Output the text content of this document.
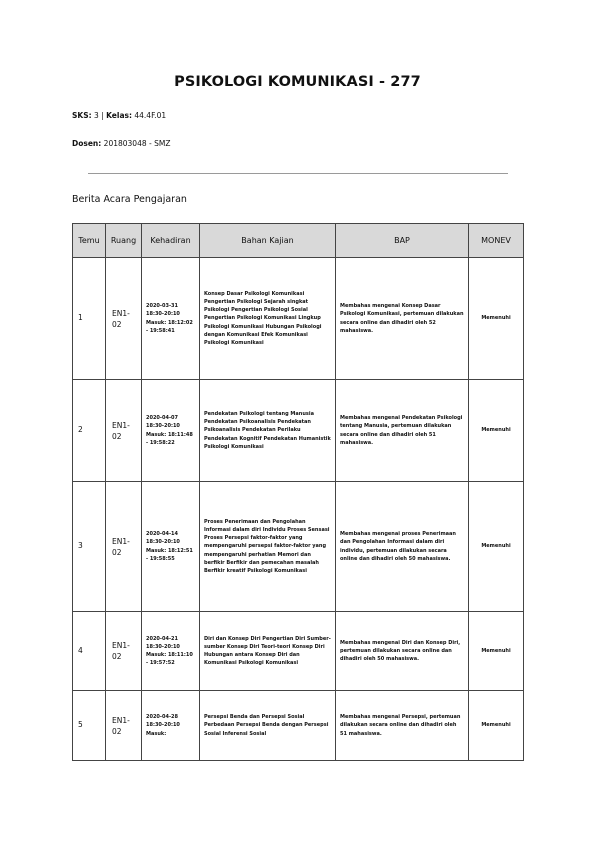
PSIKOLOGI KOMUNIKASI - 277
SKS: 3 | Kelas: 44.4F.01
Dosen: 201803048 - SMZ
Berita Acara Pengajaran
Temu	Ruang	Kehadiran	Bahan Kajian	BAP	MONEV
1	EN1-02	2020-03-31 18:30-20:10 Masuk: 18:12:02 - 19:58:41	Konsep Dasar Psikologi Komunikasi Pengertian Psikologi Sejarah singkat Psikologi Pengertian Psikologi Sosial Pengertian Psikologi Komunikasi Lingkup Psikologi Komunikasi Hubungan Psikologi dengan Komunikasi Efek Komunikasi Psikologi Komunikasi	Membahas mengenai Konsep Dasar Psikologi Komunikasi, pertemuan dilakukan secara online dan dihadiri oleh 52 mahasiswa.	Memenuhi
2	EN1-02	2020-04-07 18:30-20:10 Masuk: 18:11:48 - 19:58:22	Pendekatan Psikologi tentang Manusia Pendekatan Psikoanalisis Pendekatan Psikoanalisis Pendekatan Perilaku Pendekatan Kognitif Pendekatan Humanistik Psikologi Komunikasi	Membahas mengenai Pendekatan Psikologi tentang Manusia, pertemuan dilakukan secara online dan dihadiri oleh 51 mahasiswa.	Memenuhi
3	EN1-02	2020-04-14 18:30-20:10 Masuk: 18:12:51 - 19:58:55	Proses Penerimaan dan Pengolahan Informasi dalam diri Individu Proses Sensasi Proses Persepsi faktor-faktor yang mempengaruhi persepsi faktor-faktor yang mempengaruhi perhatian Memori dan berfikir Berfikir dan pemecahan masalah Berfikir kreatif Psikologi Komunikasi	Membahas mengenai proses Penerimaan dan Pengolahan Informasi dalam diri individu, pertemuan dilakukan secara online dan dihadiri oleh 50 mahasiswa.	Memenuhi
4	EN1-02	2020-04-21 18:30-20:10 Masuk: 18:11:10 - 19:57:52	Diri dan Konsep Diri Pengertian Diri Sumber-sumber Konsep Diri Teori-teori Konsep Diri Hubungan antara Konsep Diri dan Komunikasi Psikologi Komunikasi	Membahas mengenai Diri dan Konsep Diri, pertemuan dilakukan secara online dan dihadiri oleh 50 mahasiswa.	Memenuhi
5	EN1-02	2020-04-28 18:30-20:10 Masuk:	Persepsi Benda dan Persepsi Sosial Perbedaan Persepsi Benda dengan Persepsi Sosial Inferensi Sosial	Membahas mengenai Persepsi, pertemuan dilakukan secara online dan dihadiri oleh 51 mahasiswa.	Memenuhi
